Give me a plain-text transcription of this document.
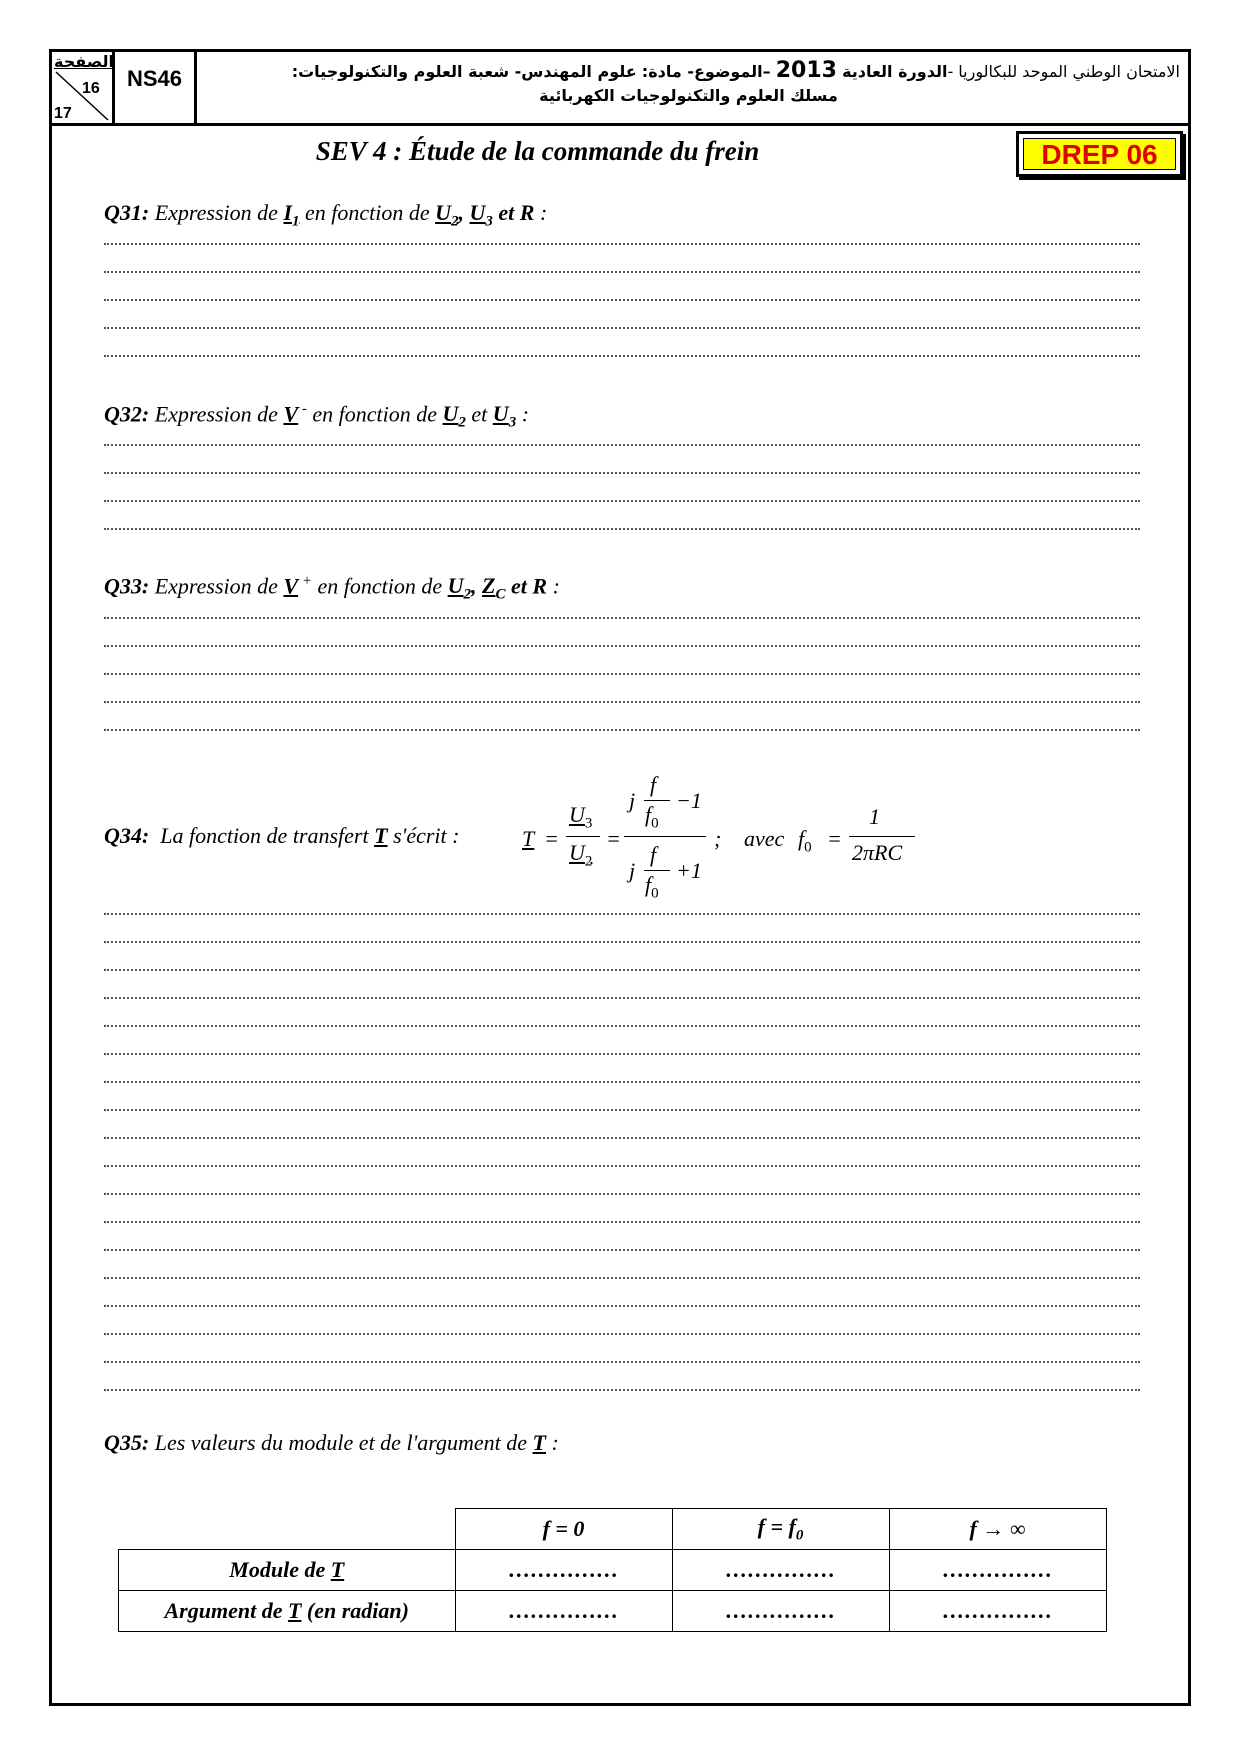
الصفحة
16
17
NS46	الامتحان الوطني الموحد للبكالوريا -الدورة العادية 2013 –الموضوع- مادة: علوم المهندس- شعبة العلوم والتكنولوجيات:
مسلك العلوم والتكنولوجيات الكهربائية
SEV 4 : Étude de la commande du frein	DREP 06
Q31: Expression de $I_1$ en fonction de $U_2$, $U_3$ et R :
Q32: Expression de V - en fonction de $U_2$ et $U_3$ :
Q33: Expression de V + en fonction de $U_2$, $Z_C$ et R :
Q34: La fonction de transfert T s'écrit :	T =
$U_3$
$U_2$
=
j
f
$f_0$
−1
j
f
$f_0$
+1
; avec $f_0$ =
1
2πRC
Q35: Les valeurs du module et de l'argument de T :
	f = 0	$f = f_0$	f → ∞
Module de T	……………	……………	……………
Argument de T (en radian)	……………	……………	……………
